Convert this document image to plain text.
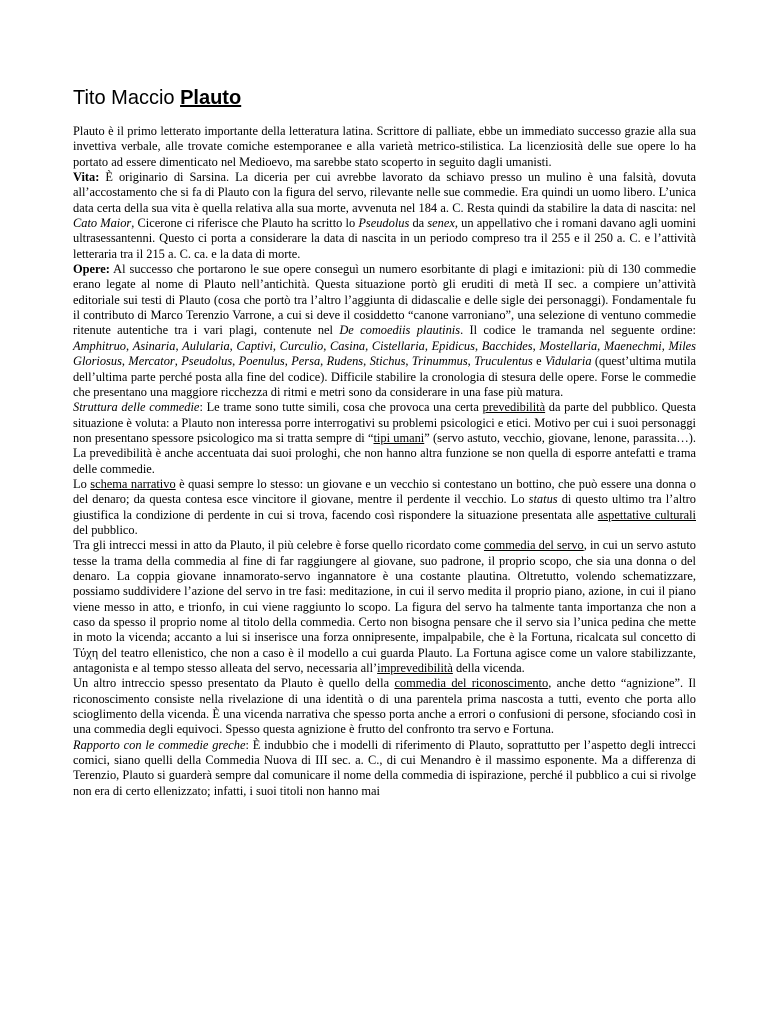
Tito Maccio Plauto

Plauto è il primo letterato importante della letteratura latina. Scrittore di palliate, ebbe un immediato successo grazie alla sua invettiva verbale, alle trovate comiche estemporanee e alla varietà metrico-stilistica. La licenziosità delle sue opere lo ha portato ad essere dimenticato nel Medioevo, ma sarebbe stato scoperto in seguito dagli umanisti.

Vita: È originario di Sarsina. La diceria per cui avrebbe lavorato da schiavo presso un mulino è una falsità, dovuta all’accostamento che si fa di Plauto con la figura del servo, rilevante nelle sue commedie. Era quindi un uomo libero. L’unica data certa della sua vita è quella relativa alla sua morte, avvenuta nel 184 a. C. Resta quindi da stabilire la data di nascita: nel Cato Maior, Cicerone ci riferisce che Plauto ha scritto lo Pseudolus da senex, un appellativo che i romani davano agli uomini ultrasessantenni. Questo ci porta a considerare la data di nascita in un periodo compreso tra il 255 e il 250 a. C. e l’attività letteraria tra il 215 a. C. ca. e la data di morte.

Opere: Al successo che portarono le sue opere conseguì un numero esorbitante di plagi e imitazioni: più di 130 commedie erano legate al nome di Plauto nell’antichità. Questa situazione portò gli eruditi di metà II sec. a compiere un’attività editoriale sui testi di Plauto (cosa che portò tra l’altro l’aggiunta di didascalie e delle sigle dei personaggi). Fondamentale fu il contributo di Marco Terenzio Varrone, a cui si deve il cosiddetto “canone varroniano”, una selezione di ventuno commedie ritenute autentiche tra i vari plagi, contenute nel De comoediis plautinis. Il codice le tramanda nel seguente ordine: Amphitruo, Asinaria, Aulularia, Captivi, Curculio, Casina, Cistellaria, Epidicus, Bacchides, Mostellaria, Maenechmi, Miles Gloriosus, Mercator, Pseudolus, Poenulus, Persa, Rudens, Stichus, Trinummus, Truculentus e Vidularia (quest’ultima mutila dell’ultima parte perché posta alla fine del codice). Difficile stabilire la cronologia di stesura delle opere. Forse le commedie che presentano una maggiore ricchezza di ritmi e metri sono da considerare in una fase più matura.

Struttura delle commedie: Le trame sono tutte simili, cosa che provoca una certa prevedibilità da parte del pubblico. Questa situazione è voluta: a Plauto non interessa porre interrogativi su problemi psicologici e etici. Motivo per cui i suoi personaggi non presentano spessore psicologico ma si tratta sempre di “tipi umani” (servo astuto, vecchio, giovane, lenone, parassita…). La prevedibilità è anche accentuata dai suoi prologhi, che non hanno altra funzione se non quella di esporre antefatti e trama delle commedie.

Lo schema narrativo è quasi sempre lo stesso: un giovane e un vecchio si contestano un bottino, che può essere una donna o del denaro; da questa contesa esce vincitore il giovane, mentre il perdente il vecchio. Lo status di questo ultimo tra l’altro giustifica la condizione di perdente in cui si trova, facendo così rispondere la situazione presentata alle aspettative culturali del pubblico.

Tra gli intrecci messi in atto da Plauto, il più celebre è forse quello ricordato come commedia del servo, in cui un servo astuto tesse la trama della commedia al fine di far raggiungere al giovane, suo padrone, il proprio scopo, che sia una donna o del denaro. La coppia giovane innamorato-servo ingannatore è una costante plautina. Oltretutto, volendo schematizzare, possiamo suddividere l’azione del servo in tre fasi: meditazione, in cui il servo medita il proprio piano, azione, in cui il piano viene messo in atto, e trionfo, in cui viene raggiunto lo scopo. La figura del servo ha talmente tanta importanza che non a caso da spesso il proprio nome al titolo della commedia. Certo non bisogna pensare che il servo sia l’unica pedina che mette in moto la vicenda; accanto a lui si inserisce una forza onnipresente, impalpabile, che è la Fortuna, ricalcata sul concetto di Τύχη del teatro ellenistico, che non a caso è il modello a cui guarda Plauto. La Fortuna agisce come un valore stabilizzante, antagonista e al tempo stesso alleata del servo, necessaria all’imprevedibilità della vicenda.

Un altro intreccio spesso presentato da Plauto è quello della commedia del riconoscimento, anche detto “agnizione”. Il riconoscimento consiste nella rivelazione di una identità o di una parentela prima nascosta a tutti, evento che porta allo scioglimento della vicenda. È una vicenda narrativa che spesso porta anche a errori o confusioni di persone, sfociando così in una commedia degli equivoci. Spesso questa agnizione è frutto del confronto tra servo e Fortuna.

Rapporto con le commedie greche: È indubbio che i modelli di riferimento di Plauto, soprattutto per l’aspetto degli intrecci comici, siano quelli della Commedia Nuova di III sec. a. C., di cui Menandro è il massimo esponente. Ma a differenza di Terenzio, Plauto si guarderà sempre dal comunicare il nome della commedia di ispirazione, perché il pubblico a cui si rivolge non era di certo ellenizzato; infatti, i suoi titoli non hanno mai
